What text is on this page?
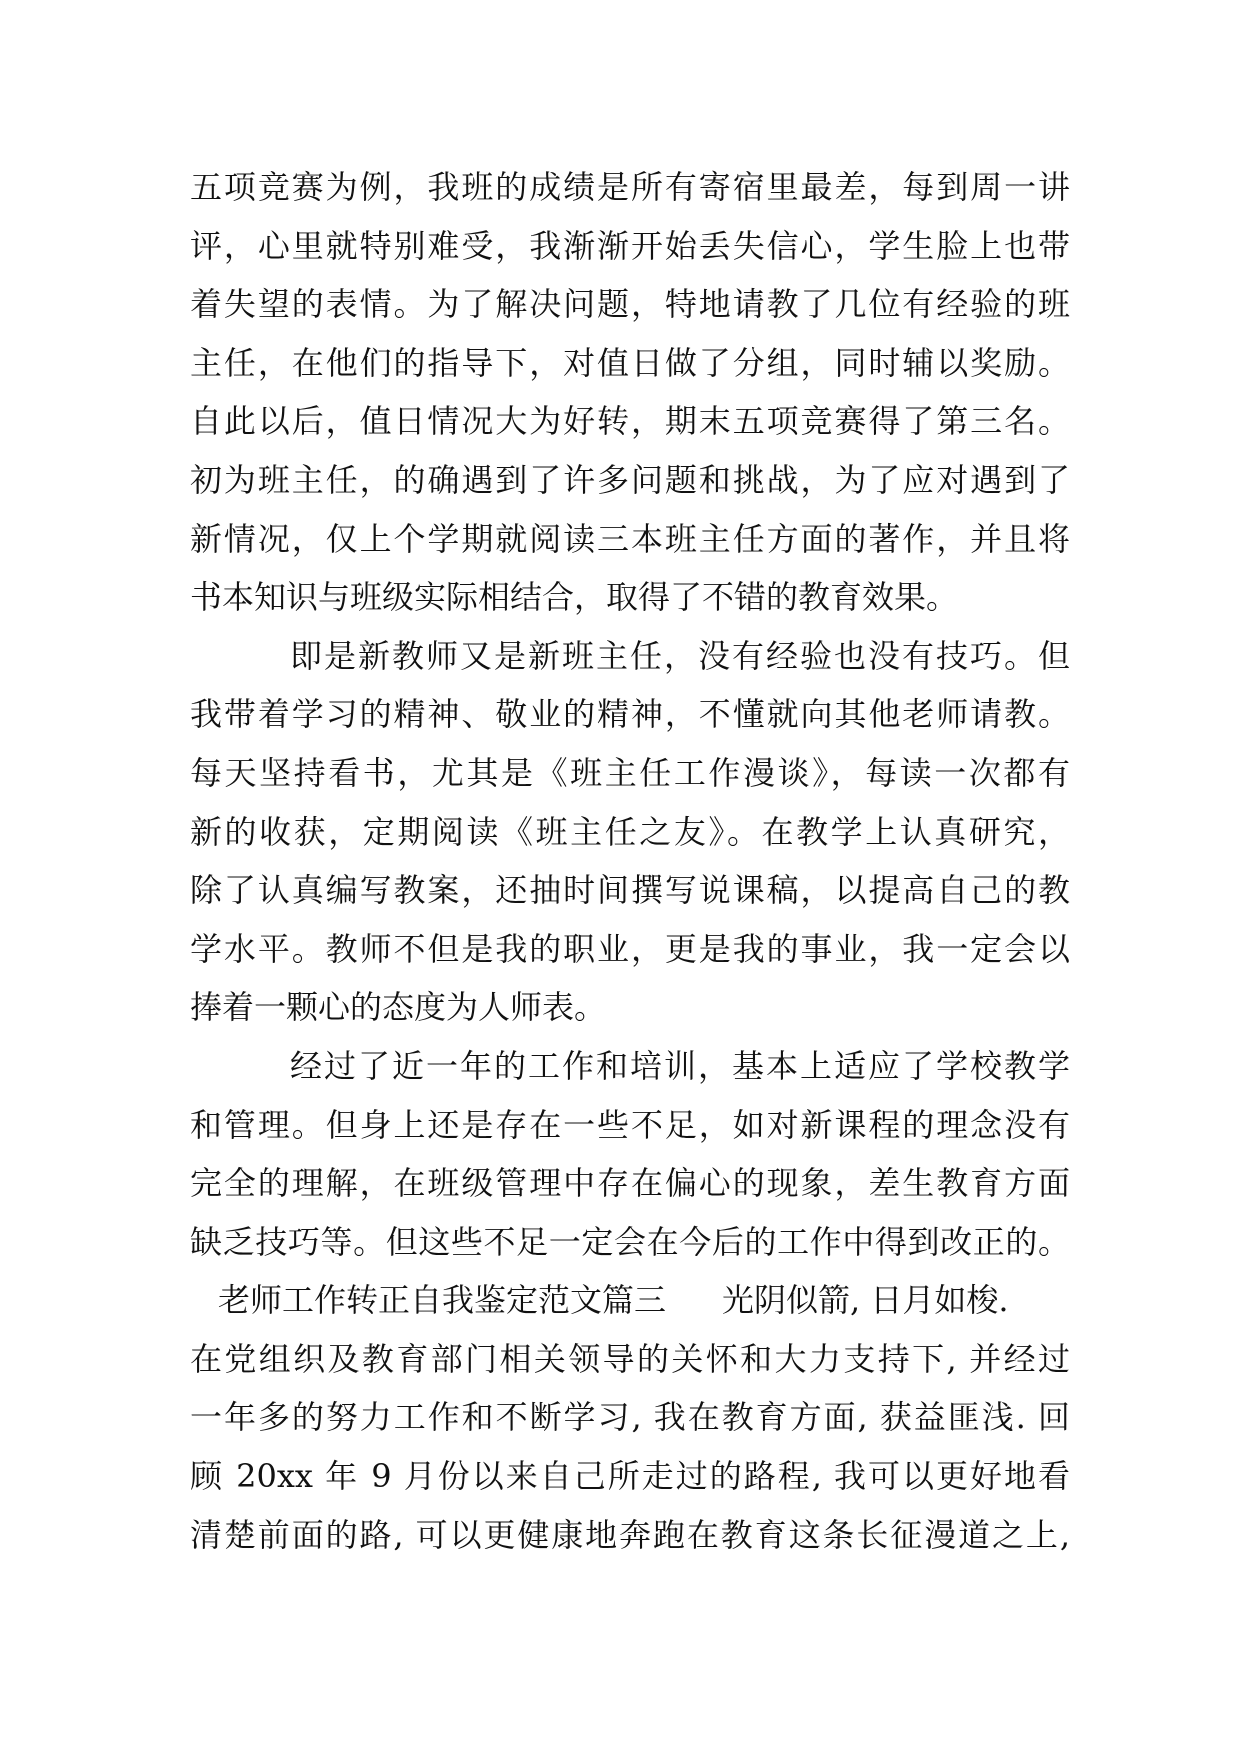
五项竞赛为例，我班的成绩是所有寄宿里最差，每到周一讲
评，心里就特别难受，我渐渐开始丢失信心，学生脸上也带
着失望的表情。为了解决问题，特地请教了几位有经验的班
主任，在他们的指导下，对值日做了分组，同时辅以奖励。
自此以后，值日情况大为好转，期末五项竞赛得了第三名。
初为班主任，的确遇到了许多问题和挑战，为了应对遇到了
新情况，仅上个学期就阅读三本班主任方面的著作，并且将
书本知识与班级实际相结合，取得了不错的教育效果。
即是新教师又是新班主任，没有经验也没有技巧。但
我带着学习的精神、敬业的精神，不懂就向其他老师请教。
每天坚持看书，尤其是《班主任工作漫谈》，每读一次都有
新的收获，定期阅读《班主任之友》。在教学上认真研究，
除了认真编写教案，还抽时间撰写说课稿，以提高自己的教
学水平。教师不但是我的职业，更是我的事业，我一定会以
捧着一颗心的态度为人师表。
经过了近一年的工作和培训，基本上适应了学校教学
和管理。但身上还是存在一些不足，如对新课程的理念没有
完全的理解，在班级管理中存在偏心的现象，差生教育方面
缺乏技巧等。但这些不足一定会在今后的工作中得到改正的。
老师工作转正自我鉴定范文篇三 光阴似箭, 日月如梭.
在党组织及教育部门相关领导的关怀和大力支持下, 并经过
一年多的努力工作和不断学习, 我在教育方面, 获益匪浅. 回
顾 20xx 年 9 月份以来自己所走过的路程, 我可以更好地看
清楚前面的路, 可以更健康地奔跑在教育这条长征漫道之上,
